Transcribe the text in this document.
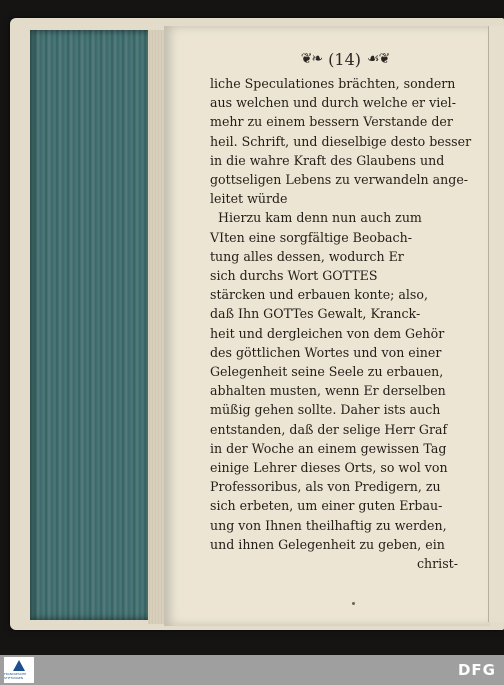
❦❧ (14) ☙❦
liche Speculationes brächten, sondern
aus welchen und durch welche er viel-
mehr zu einem bessern Verstande der
heil. Schrift, und dieselbige desto besser
in die wahre Kraft des Glaubens und
gottseligen Lebens zu verwandeln ange-
leitet würde
Hierzu kam denn nun auch zum
VIten eine sorgfältige Beobach-
tung alles dessen, wodurch Er
sich durchs Wort GOTTES
stärcken und erbauen konte; also,
daß Ihn GOTTes Gewalt, Kranck-
heit und dergleichen von dem Gehör
des göttlichen Wortes und von einer
Gelegenheit seine Seele zu erbauen,
abhalten musten, wenn Er derselben
müßig gehen sollte. Daher ists auch
entstanden, daß der selige Herr Graf
in der Woche an einem gewissen Tag
einige Lehrer dieses Orts, so wol von
Professoribus, als von Predigern, zu
sich erbeten, um einer guten Erbau-
ung von Ihnen theilhaftig zu werden,
und ihnen Gelegenheit zu geben, ein
christ-
FRANCKESCHE STIFTUNGEN	DFG
